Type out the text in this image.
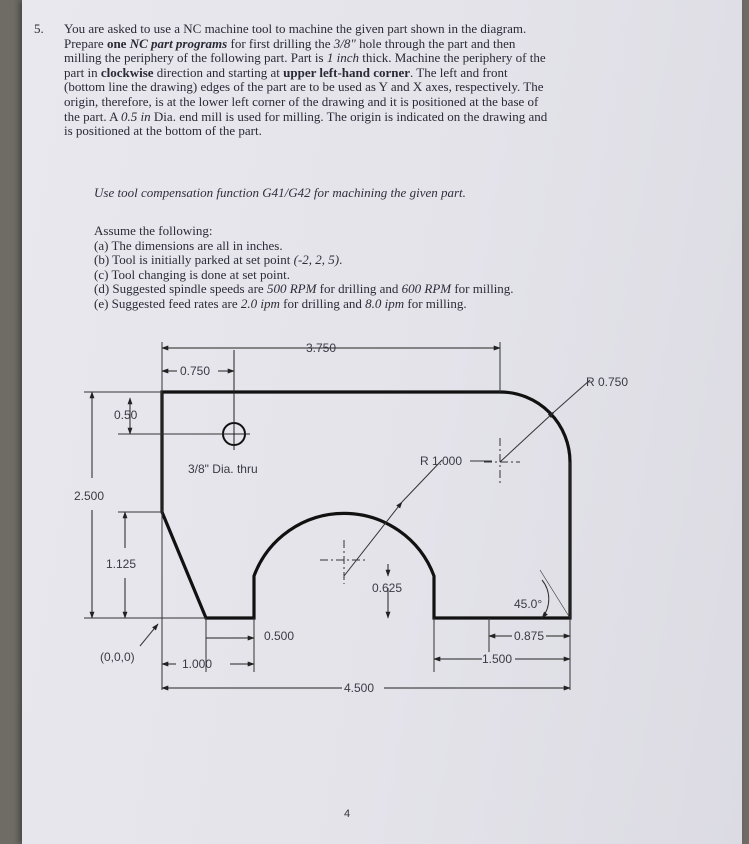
5. You are asked to use a NC machine tool to machine the given part shown in the diagram.
Prepare one NC part programs for first drilling the 3/8" hole through the part and then
milling the periphery of the following part. Part is 1 inch thick. Machine the periphery of the
part in clockwise direction and starting at upper left-hand corner. The left and front
(bottom line the drawing) edges of the part are to be used as Y and X axes, respectively. The
origin, therefore, is at the lower left corner of the drawing and it is positioned at the base of
the part. A 0.5 in Dia. end mill is used for milling. The origin is indicated on the drawing and
is positioned at the bottom of the part.
Use tool compensation function G41/G42 for machining the given part.
Assume the following:
(a) The dimensions are all in inches.
(b) Tool is initially parked at set point (-2, 2, 5).
(c) Tool changing is done at set point.
(d) Suggested spindle speeds are 500 RPM for drilling and 600 RPM for milling.
(e) Suggested feed rates are 2.0 ipm for drilling and 8.0 ipm for milling.
3.750
0.750
R 0.750
0.50
3/8" Dia. thru
R 1.000
2.500
1.125
0.625
45.0°
0.500
(0,0,0)	1.000
0.875
1.500
4.500
4
